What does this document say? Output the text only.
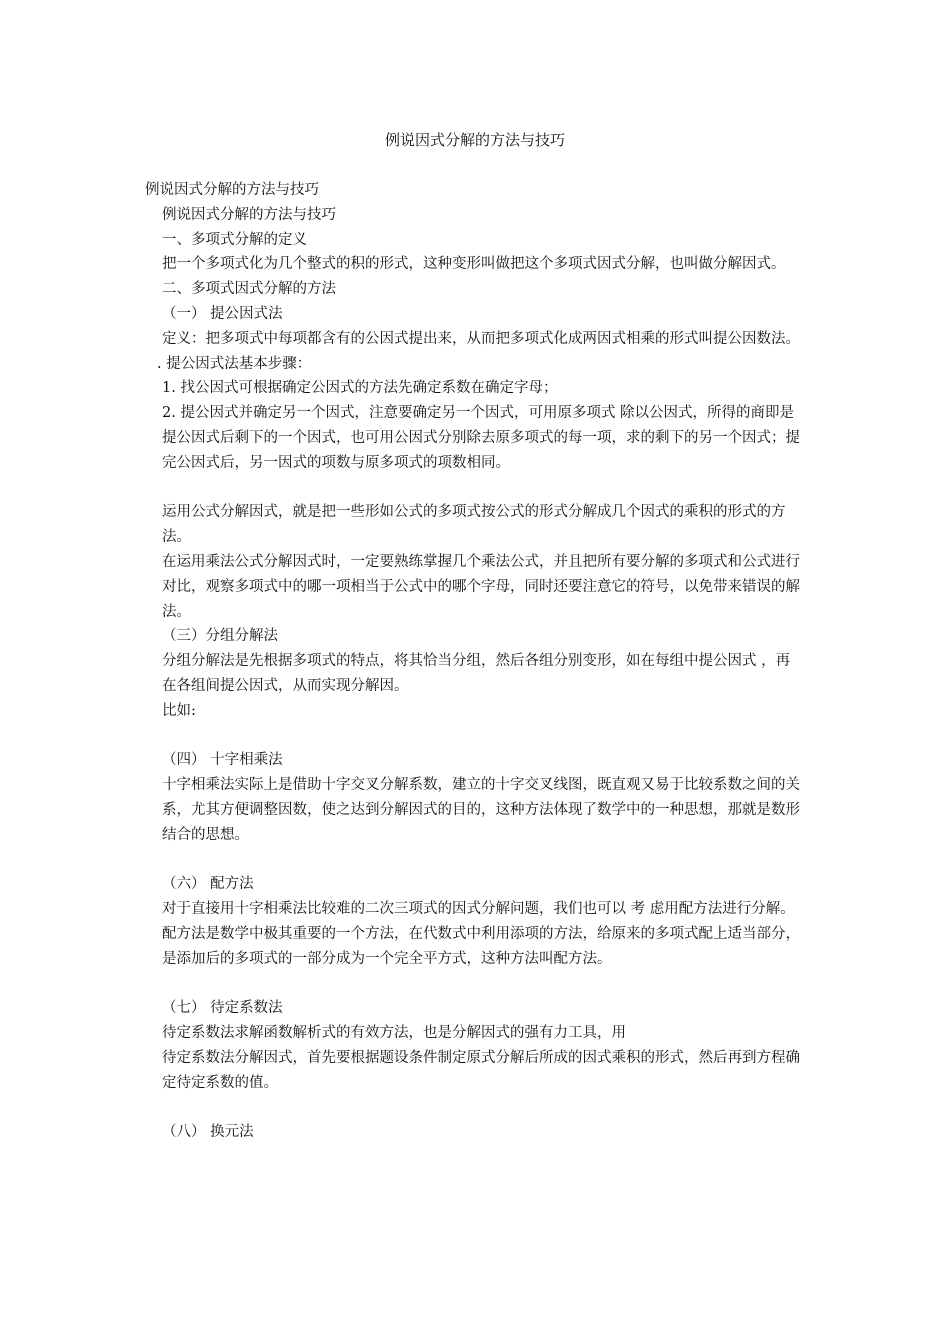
例说因式分解的方法与技巧

例说因式分解的方法与技巧

例说因式分解的方法与技巧

一、多项式分解的定义

把一个多项式化为几个整式的积的形式，这种变形叫做把这个多项式因式分解，也叫做分解因式。

二、多项式因式分解的方法

（一） 提公因式法

定义：把多项式中每项都含有的公因式提出来，从而把多项式化成两因式相乘的形式叫提公因数法。

. 提公因式法基本步骤：

1. 找公因式可根据确定公因式的方法先确定系数在确定字母；

2. 提公因式并确定另一个因式，注意要确定另一个因式，可用原多项式 除以公因式，所得的商即是提公因式后剩下的一个因式，也可用公因式分别除去原多项式的每一项，求的剩下的另一个因式；提完公因式后，另一因式的项数与原多项式的项数相同。

运用公式分解因式，就是把一些形如公式的多项式按公式的形式分解成几个因式的乘积的形式的方法。

在运用乘法公式分解因式时，一定要熟练掌握几个乘法公式，并且把所有要分解的多项式和公式进行对比，观察多项式中的哪一项相当于公式中的哪个字母，同时还要注意它的符号，以免带来错误的解法。

（三）分组分解法

分组分解法是先根据多项式的特点，将其恰当分组，然后各组分别变形，如在每组中提公因式 ，再在各组间提公因式，从而实现分解因。

比如:

（四） 十字相乘法

十字相乘法实际上是借助十字交叉分解系数，建立的十字交叉线图，既直观又易于比较系数之间的关系，尤其方便调整因数，使之达到分解因式的目的，这种方法体现了数学中的一种思想，那就是数形结合的思想。

（六） 配方法

对于直接用十字相乘法比较难的二次三项式的因式分解问题，我们也可以 考 虑用配方法进行分解。

配方法是数学中极其重要的一个方法，在代数式中利用添项的方法，给原来的多项式配上适当部分，是添加后的多项式的一部分成为一个完全平方式，这种方法叫配方法。

（七） 待定系数法

待定系数法求解函数解析式的有效方法，也是分解因式的强有力工具，用

待定系数法分解因式，首先要根据题设条件制定原式分解后所成的因式乘积的形式，然后再到方程确定待定系数的值。

（八） 换元法
